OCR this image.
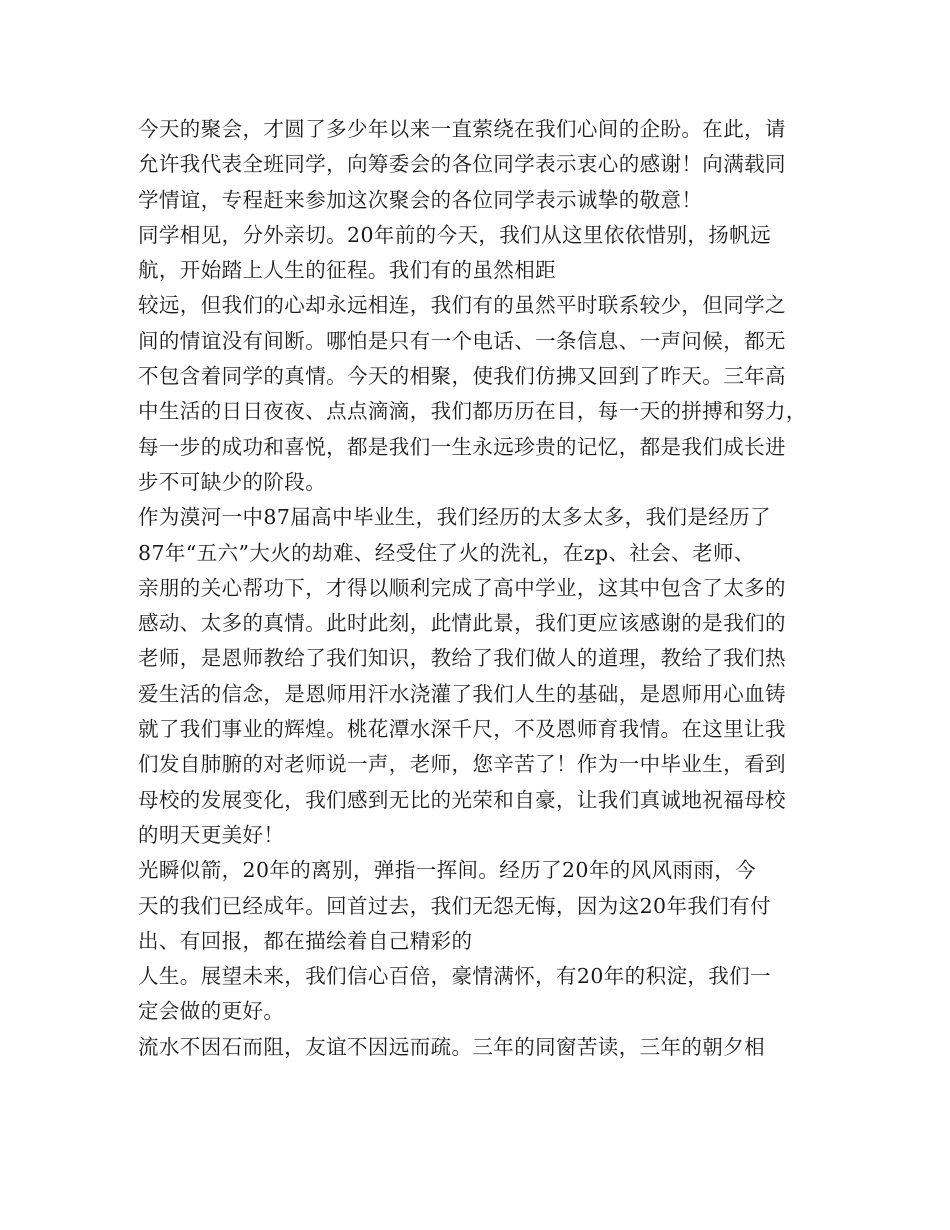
今天的聚会，才圆了多少年以来一直萦绕在我们心间的企盼。在此，请
允许我代表全班同学，向筹委会的各位同学表示衷心的感谢！向满载同
学情谊，专程赶来参加这次聚会的各位同学表示诚挚的敬意！
同学相见，分外亲切。20年前的今天，我们从这里依依惜别，扬帆远
航，开始踏上人生的征程。我们有的虽然相距
较远，但我们的心却永远相连，我们有的虽然平时联系较少，但同学之
间的情谊没有间断。哪怕是只有一个电话、一条信息、一声问候，都无
不包含着同学的真情。今天的相聚，使我们仿拂又回到了昨天。三年高
中生活的日日夜夜、点点滴滴，我们都历历在目，每一天的拼搏和努力，
每一步的成功和喜悦，都是我们一生永远珍贵的记忆，都是我们成长进
步不可缺少的阶段。
作为漠河一中87届高中毕业生，我们经历的太多太多，我们是经历了
87年“五六”大火的劫难、经受住了火的洗礼，在zp、社会、老师、
亲朋的关心帮功下，才得以顺利完成了高中学业，这其中包含了太多的
感动、太多的真情。此时此刻，此情此景，我们更应该感谢的是我们的
老师，是恩师教给了我们知识，教给了我们做人的道理，教给了我们热
爱生活的信念，是恩师用汗水浇灌了我们人生的基础，是恩师用心血铸
就了我们事业的辉煌。桃花潭水深千尺，不及恩师育我情。在这里让我
们发自肺腑的对老师说一声，老师，您辛苦了！作为一中毕业生，看到
母校的发展变化，我们感到无比的光荣和自豪，让我们真诚地祝福母校
的明天更美好！
光瞬似箭，20年的离别，弹指一挥间。经历了20年的风风雨雨，今
天的我们已经成年。回首过去，我们无怨无悔，因为这20年我们有付
出、有回报，都在描绘着自己精彩的
人生。展望未来，我们信心百倍，豪情满怀，有20年的积淀，我们一
定会做的更好。
流水不因石而阻，友谊不因远而疏。三年的同窗苦读，三年的朝夕相
